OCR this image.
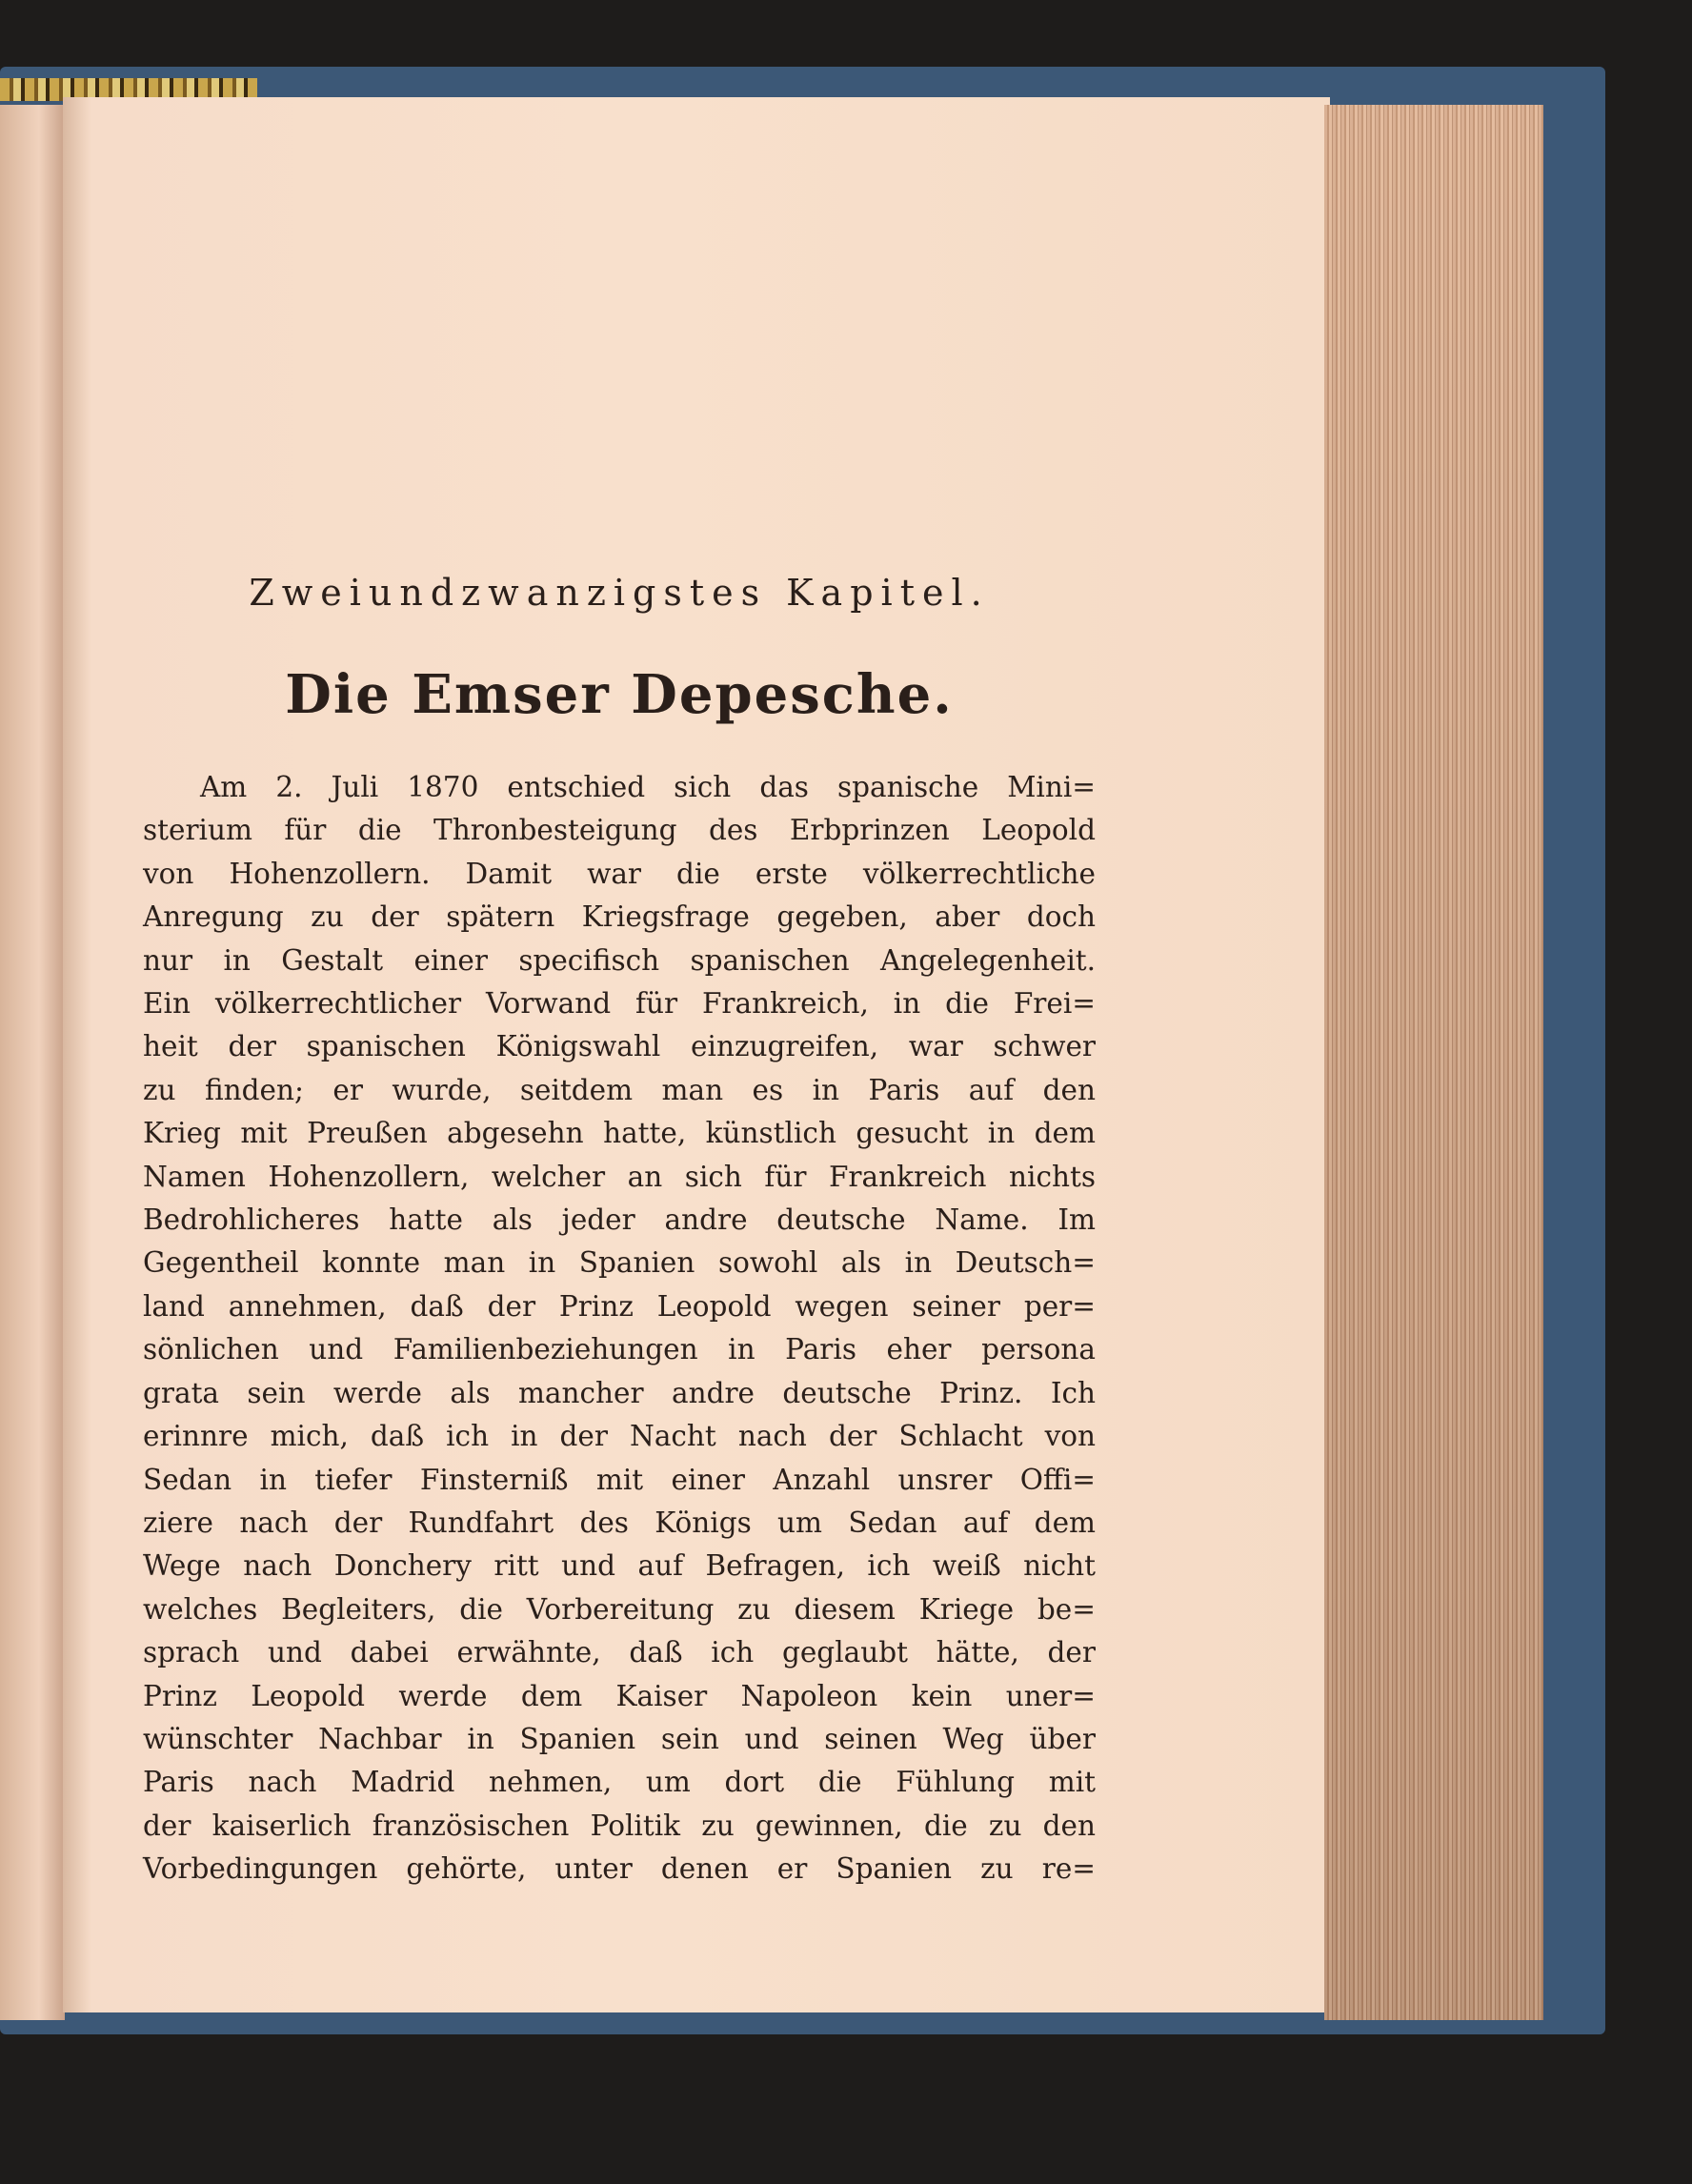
Zweiundzwanzigstes Kapitel.
Die Emser Depesche.

Am 2. Juli 1870 entschied sich das spanische Mini=
sterium für die Thronbesteigung des Erbprinzen Leopold
von Hohenzollern. Damit war die erste völkerrechtliche
Anregung zu der spätern Kriegsfrage gegeben, aber doch
nur in Gestalt einer specifisch spanischen Angelegenheit.
Ein völkerrechtlicher Vorwand für Frankreich, in die Frei=
heit der spanischen Königswahl einzugreifen, war schwer
zu finden; er wurde, seitdem man es in Paris auf den
Krieg mit Preußen abgesehn hatte, künstlich gesucht in dem
Namen Hohenzollern, welcher an sich für Frankreich nichts
Bedrohlicheres hatte als jeder andre deutsche Name. Im
Gegentheil konnte man in Spanien sowohl als in Deutsch=
land annehmen, daß der Prinz Leopold wegen seiner per=
sönlichen und Familienbeziehungen in Paris eher persona
grata sein werde als mancher andre deutsche Prinz. Ich
erinnre mich, daß ich in der Nacht nach der Schlacht von
Sedan in tiefer Finsterniß mit einer Anzahl unsrer Offi=
ziere nach der Rundfahrt des Königs um Sedan auf dem
Wege nach Donchery ritt und auf Befragen, ich weiß nicht
welches Begleiters, die Vorbereitung zu diesem Kriege be=
sprach und dabei erwähnte, daß ich geglaubt hätte, der
Prinz Leopold werde dem Kaiser Napoleon kein uner=
wünschter Nachbar in Spanien sein und seinen Weg über
Paris nach Madrid nehmen, um dort die Fühlung mit
der kaiserlich französischen Politik zu gewinnen, die zu den
Vorbedingungen gehörte, unter denen er Spanien zu re=
